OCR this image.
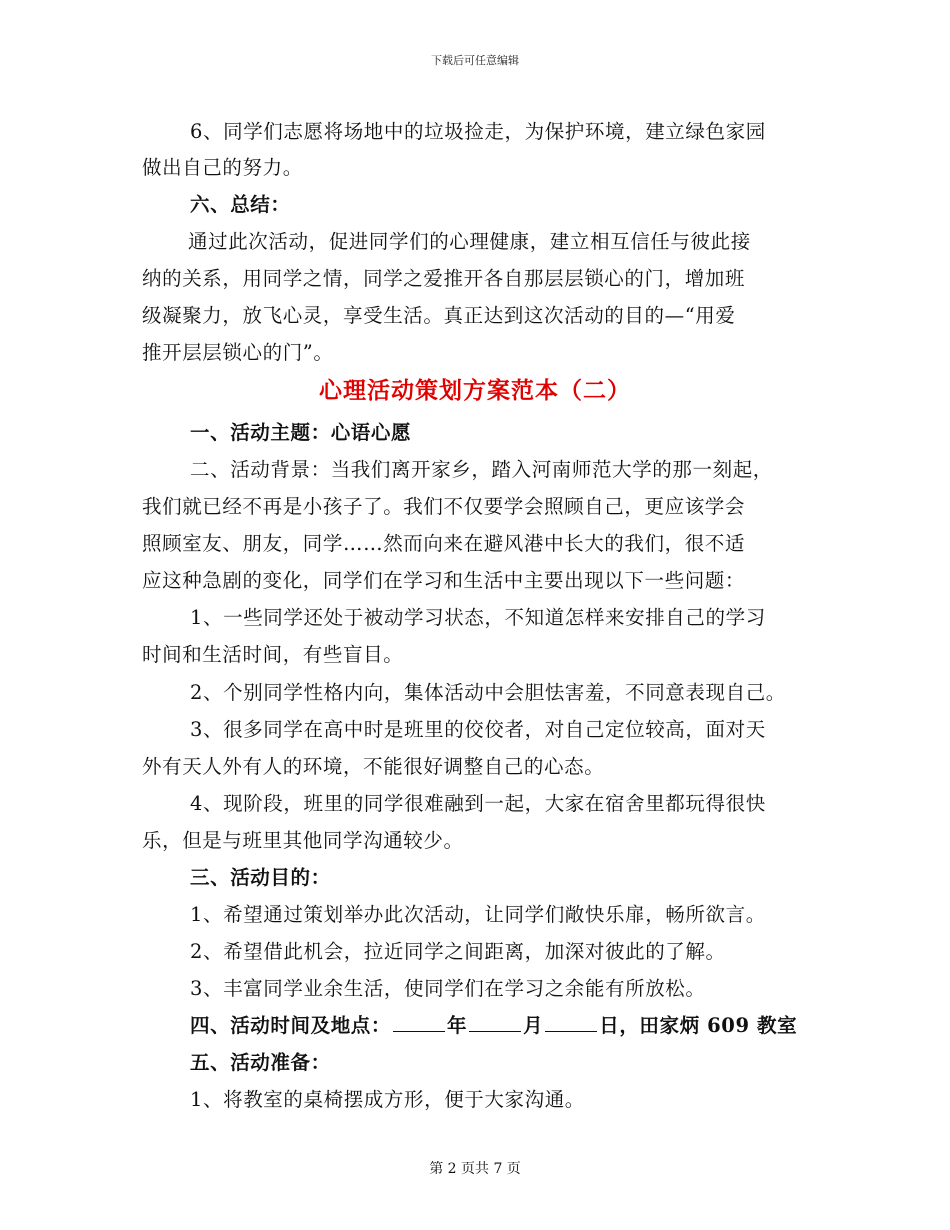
下载后可任意编辑
6、同学们志愿将场地中的垃圾捡走，为保护环境，建立绿色家园
做出自己的努力。
六、总结：
通过此次活动，促进同学们的心理健康，建立相互信任与彼此接
纳的关系，用同学之情，同学之爱推开各自那层层锁心的门，增加班
级凝聚力，放飞心灵，享受生活。真正达到这次活动的目的—“用爱
推开层层锁心的门”。
心理活动策划方案范本（二）
一、活动主题：心语心愿
二、活动背景：当我们离开家乡，踏入河南师范大学的那一刻起，
我们就已经不再是小孩子了。我们不仅要学会照顾自己，更应该学会
照顾室友、朋友，同学……然而向来在避风港中长大的我们，很不适
应这种急剧的变化，同学们在学习和生活中主要出现以下一些问题：
1、一些同学还处于被动学习状态，不知道怎样来安排自己的学习
时间和生活时间，有些盲目。
2、个别同学性格内向，集体活动中会胆怯害羞，不同意表现自己。
3、很多同学在高中时是班里的佼佼者，对自己定位较高，面对天
外有天人外有人的环境，不能很好调整自己的心态。
4、现阶段，班里的同学很难融到一起，大家在宿舍里都玩得很快
乐，但是与班里其他同学沟通较少。
三、活动目的：
1、希望通过策划举办此次活动，让同学们敞快乐扉，畅所欲言。
2、希望借此机会，拉近同学之间距离，加深对彼此的了解。
3、丰富同学业余生活，使同学们在学习之余能有所放松。
四、活动时间及地点：	年	月	日，田家炳 609 教室
五、活动准备：
1、将教室的桌椅摆成方形，便于大家沟通。
第 2 页共 7 页
